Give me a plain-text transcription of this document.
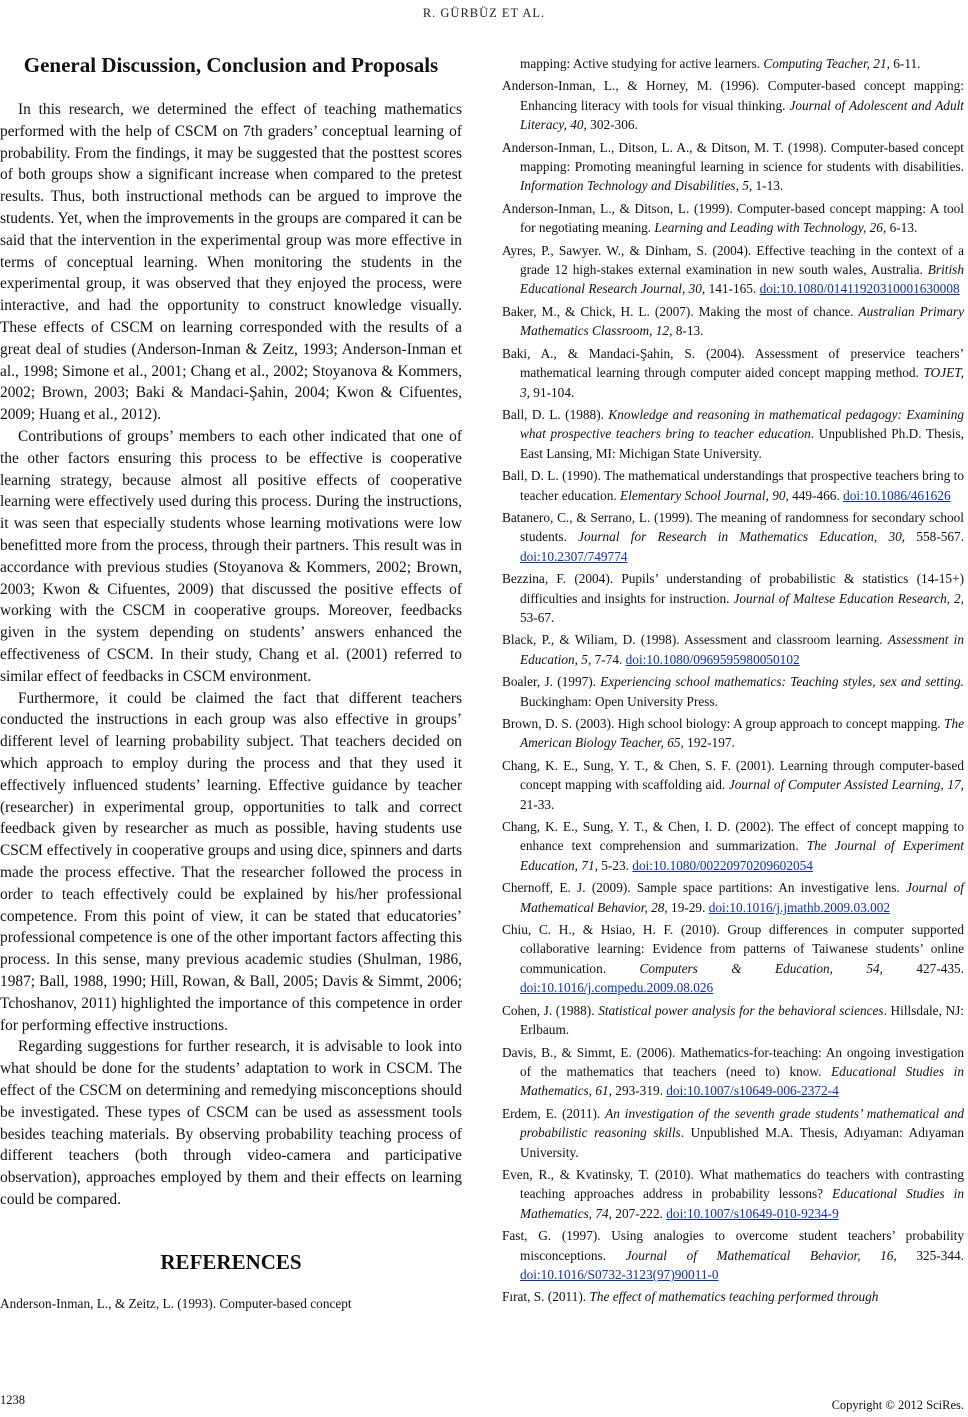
R. GÜRBÜZ ET AL.
General Discussion, Conclusion and Proposals

In this research, we determined the effect of teaching mathematics performed with the help of CSCM on 7th graders’ conceptual learning of probability. From the findings, it may be suggested that the posttest scores of both groups show a significant increase when compared to the pretest results. Thus, both instructional methods can be argued to improve the students. Yet, when the improvements in the groups are compared it can be said that the intervention in the experimental group was more effective in terms of conceptual learning. When monitoring the students in the experimental group, it was observed that they enjoyed the process, were interactive, and had the opportunity to construct knowledge visually. These effects of CSCM on learning corresponded with the results of a great deal of studies (Anderson-Inman & Zeitz, 1993; Anderson-Inman et al., 1998; Simone et al., 2001; Chang et al., 2002; Stoyanova & Kommers, 2002; Brown, 2003; Baki & Mandaci-Şahin, 2004; Kwon & Cifuentes, 2009; Huang et al., 2012).

Contributions of groups’ members to each other indicated that one of the other factors ensuring this process to be effective is cooperative learning strategy, because almost all positive effects of cooperative learning were effectively used during this process. During the instructions, it was seen that especially students whose learning motivations were low benefitted more from the process, through their partners. This result was in accordance with previous studies (Stoyanova & Kommers, 2002; Brown, 2003; Kwon & Cifuentes, 2009) that discussed the positive effects of working with the CSCM in cooperative groups. Moreover, feedbacks given in the system depending on students’ answers enhanced the effectiveness of CSCM. In their study, Chang et al. (2001) referred to similar effect of feedbacks in CSCM environment.

Furthermore, it could be claimed the fact that different teachers conducted the instructions in each group was also effective in groups’ different level of learning probability subject. That teachers decided on which approach to employ during the process and that they used it effectively influenced students’ learning. Effective guidance by teacher (researcher) in experimental group, opportunities to talk and correct feedback given by researcher as much as possible, having students use CSCM effectively in cooperative groups and using dice, spinners and darts made the process effective. That the researcher followed the process in order to teach effectively could be explained by his/her professional competence. From this point of view, it can be stated that educatories’ professional competence is one of the other important factors affecting this process. In this sense, many previous academic studies (Shulman, 1986, 1987; Ball, 1988, 1990; Hill, Rowan, & Ball, 2005; Davis & Simmt, 2006; Tchoshanov, 2011) highlighted the importance of this competence in order for performing effective instructions.

Regarding suggestions for further research, it is advisable to look into what should be done for the students’ adaptation to work in CSCM. The effect of the CSCM on determining and remedying misconceptions should be investigated. These types of CSCM can be used as assessment tools besides teaching materials. By observing probability teaching process of different teachers (both through video-camera and participative observation), approaches employed by them and their effects on learning could be compared.

REFERENCES

Anderson-Inman, L., & Zeitz, L. (1993). Computer-based concept

mapping: Active studying for active learners. Computing Teacher, 21, 6-11.

Anderson-Inman, L., & Horney, M. (1996). Computer-based concept mapping: Enhancing literacy with tools for visual thinking. Journal of Adolescent and Adult Literacy, 40, 302-306.

Anderson-Inman, L., Ditson, L. A., & Ditson, M. T. (1998). Computer-based concept mapping: Promoting meaningful learning in science for students with disabilities. Information Technology and Disabilities, 5, 1-13.

Anderson-Inman, L., & Ditson, L. (1999). Computer-based concept mapping: A tool for negotiating meaning. Learning and Leading with Technology, 26, 6-13.

Ayres, P., Sawyer. W., & Dinham, S. (2004). Effective teaching in the context of a grade 12 high-stakes external examination in new south wales, Australia. British Educational Research Journal, 30, 141-165. doi:10.1080/0141192031000163000​8

Baker, M., & Chick, H. L. (2007). Making the most of chance. Australian Primary Mathematics Classroom, 12, 8-13.

Baki, A., & Mandaci-Şahin, S. (2004). Assessment of preservice teachers’ mathematical learning through computer aided concept mapping method. TOJET, 3, 91-104.

Ball, D. L. (1988). Knowledge and reasoning in mathematical pedagogy: Examining what prospective teachers bring to teacher education. Unpublished Ph.D. Thesis, East Lansing, MI: Michigan State University.

Ball, D. L. (1990). The mathematical understandings that prospective teachers bring to teacher education. Elementary School Journal, 90, 449-466. doi:10.1086/461626

Batanero, C., & Serrano, L. (1999). The meaning of randomness for secondary school students. Journal for Research in Mathematics Education, 30, 558-567. doi:10.2307/749774

Bezzina, F. (2004). Pupils’ understanding of probabilistic & statistics (14-15+) difficulties and insights for instruction. Journal of Maltese Education Research, 2, 53-67.

Black, P., & Wiliam, D. (1998). Assessment and classroom learning. Assessment in Education, 5, 7-74. doi:10.1080/0969595980050102

Boaler, J. (1997). Experiencing school mathematics: Teaching styles, sex and setting. Buckingham: Open University Press.

Brown, D. S. (2003). High school biology: A group approach to concept mapping. The American Biology Teacher, 65, 192-197.

Chang, K. E., Sung, Y. T., & Chen, S. F. (2001). Learning through computer-based concept mapping with scaffolding aid. Journal of Computer Assisted Learning, 17, 21-33.

Chang, K. E., Sung, Y. T., & Chen, I. D. (2002). The effect of concept mapping to enhance text comprehension and summarization. The Journal of Experiment Education, 71, 5-23. doi:10.1080/00220970209602054

Chernoff, E. J. (2009). Sample space partitions: An investigative lens. Journal of Mathematical Behavior, 28, 19-29. doi:10.1016/j.jmathb.2009.03.002

Chiu, C. H., & Hsiao, H. F. (2010). Group differences in computer supported collaborative learning: Evidence from patterns of Taiwanese students’ online communication. Computers & Education, 54, 427-435. doi:10.1016/j.compedu.2009.08.026

Cohen, J. (1988). Statistical power analysis for the behavioral sciences. Hillsdale, NJ: Erlbaum.

Davis, B., & Simmt, E. (2006). Mathematics-for-teaching: An ongoing investigation of the mathematics that teachers (need to) know. Educational Studies in Mathematics, 61, 293-319. doi:10.1007/s10649-006-2372-4

Erdem, E. (2011). An investigation of the seventh grade students’ mathematical and probabilistic reasoning skills. Unpublished M.A. Thesis, Adıyaman: Adıyaman University.

Even, R., & Kvatinsky, T. (2010). What mathematics do teachers with contrasting teaching approaches address in probability lessons? Educational Studies in Mathematics, 74, 207-222. doi:10.1007/s10649-010-9234-9

Fast, G. (1997). Using analogies to overcome student teachers’ probability misconceptions. Journal of Mathematical Behavior, 16, 325-344. doi:10.1016/S0732-3123(97)90011-0

Fırat, S. (2011). The effect of mathematics teaching performed through

1238	Copyright © 2012 SciRes.
